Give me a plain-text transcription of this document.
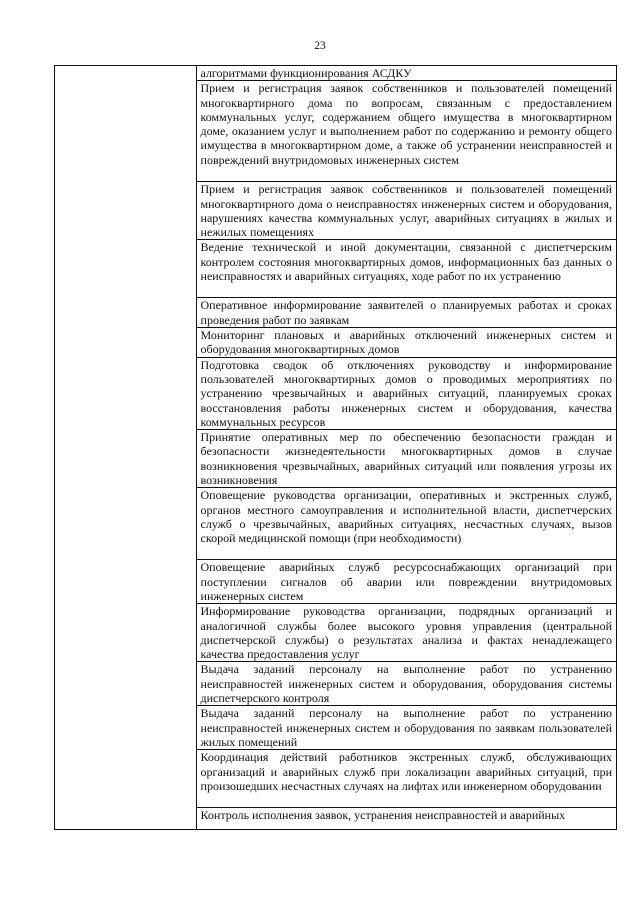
23

алгоритмами функционирования АСДКУ

Прием и регистрация заявок собственников и пользователей помещений многоквартирного дома по вопросам, связанным с предоставлением коммунальных услуг, содержанием общего имущества в многоквартирном доме, оказанием услуг и выполнением работ по содержанию и ремонту общего имущества в многоквартирном доме, а также об устранении неисправностей и повреждений внутридомовых инженерных систем

Прием и регистрация заявок собственников и пользователей помещений многоквартирного дома о неисправностях инженерных систем и оборудования, нарушениях качества коммунальных услуг, аварийных ситуациях в жилых и нежилых помещениях

Ведение технической и иной документации, связанной с диспетчерским контролем состояния многоквартирных домов, информационных баз данных о неисправностях и аварийных ситуациях, ходе работ по их устранению

Оперативное информирование заявителей о планируемых работах и сроках проведения работ по заявкам

Мониторинг плановых и аварийных отключений инженерных систем и оборудования многоквартирных домов

Подготовка сводок об отключениях руководству и информирование пользователей многоквартирных домов о проводимых мероприятиях по устранению чрезвычайных и аварийных ситуаций, планируемых сроках восстановления работы инженерных систем и оборудования, качества коммунальных ресурсов

Принятие оперативных мер по обеспечению безопасности граждан и безопасности жизнедеятельности многоквартирных домов в случае возникновения чрезвычайных, аварийных ситуаций или появления угрозы их возникновения

Оповещение руководства организации, оперативных и экстренных служб, органов местного самоуправления и исполнительной власти, диспетчерских служб о чрезвычайных, аварийных ситуациях, несчастных случаях, вызов скорой медицинской помощи (при необходимости)

Оповещение аварийных служб ресурсоснабжающих организаций при поступлении сигналов об аварии или повреждении внутридомовых инженерных систем

Информирование руководства организации, подрядных организаций и аналогичной службы более высокого уровня управления (центральной диспетчерской службы) о результатах анализа и фактах ненадлежащего качества предоставления услуг

Выдача заданий персоналу на выполнение работ по устранению неисправностей инженерных систем и оборудования, оборудования системы диспетчерского контроля

Выдача заданий персоналу на выполнение работ по устранению неисправностей инженерных систем и оборудования по заявкам пользователей жилых помещений

Координация действий работников экстренных служб, обслуживающих организаций и аварийных служб при локализации аварийных ситуаций, при произошедших несчастных случаях на лифтах или инженерном оборудовании

Контроль исполнения заявок, устранения неисправностей и аварийных
